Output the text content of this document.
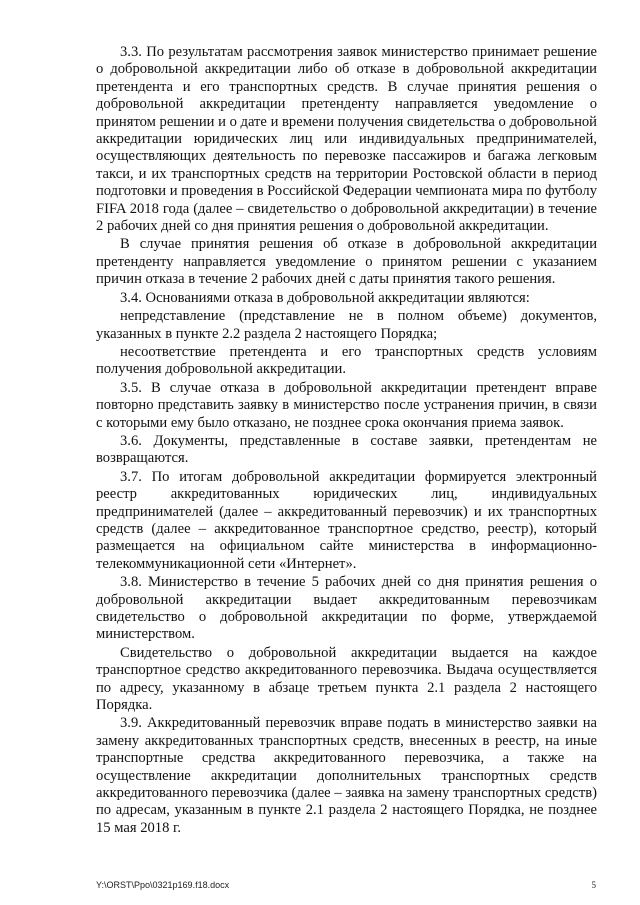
3.3. По результатам рассмотрения заявок министерство принимает решение о добровольной аккредитации либо об отказе в добровольной аккредитации претендента и его транспортных средств. В случае принятия решения о добровольной аккредитации претенденту направляется уведомление о принятом решении и о дате и времени получения свидетельства о добровольной аккредитации юридических лиц или индивидуальных предпринимателей, осуществляющих деятельность по перевозке пассажиров и багажа легковым такси, и их транспортных средств на территории Ростовской области в период подготовки и проведения в Российской Федерации чемпионата мира по футболу FIFA 2018 года (далее – свидетельство о добровольной аккредитации) в течение 2 рабочих дней со дня принятия решения о добровольной аккредитации.

В случае принятия решения об отказе в добровольной аккредитации претенденту направляется уведомление о принятом решении с указанием причин отказа в течение 2 рабочих дней с даты принятия такого решения.

3.4. Основаниями отказа в добровольной аккредитации являются:

непредставление (представление не в полном объеме) документов, указанных в пункте 2.2 раздела 2 настоящего Порядка;

несоответствие претендента и его транспортных средств условиям получения добровольной аккредитации.

3.5. В случае отказа в добровольной аккредитации претендент вправе повторно представить заявку в министерство после устранения причин, в связи с которыми ему было отказано, не позднее срока окончания приема заявок.

3.6. Документы, представленные в составе заявки, претендентам не возвращаются.

3.7. По итогам добровольной аккредитации формируется электронный реестр аккредитованных юридических лиц, индивидуальных предпринимателей (далее – аккредитованный перевозчик) и их транспортных средств (далее – аккредитованное транспортное средство, реестр), который размещается на официальном сайте министерства в информационно-телекоммуникационной сети «Интернет».

3.8. Министерство в течение 5 рабочих дней со дня принятия решения о добровольной аккредитации выдает аккредитованным перевозчикам свидетельство о добровольной аккредитации по форме, утверждаемой министерством.

Свидетельство о добровольной аккредитации выдается на каждое транспортное средство аккредитованного перевозчика. Выдача осуществляется по адресу, указанному в абзаце третьем пункта 2.1 раздела 2 настоящего Порядка.

3.9. Аккредитованный перевозчик вправе подать в министерство заявки на замену аккредитованных транспортных средств, внесенных в реестр, на иные транспортные средства аккредитованного перевозчика, а также на осуществление аккредитации дополнительных транспортных средств аккредитованного перевозчика (далее – заявка на замену транспортных средств) по адресам, указанным в пункте 2.1 раздела 2 настоящего Порядка, не позднее 15 мая 2018 г.

Y:\ORST\Ppo\0321p169.f18.docx	5
